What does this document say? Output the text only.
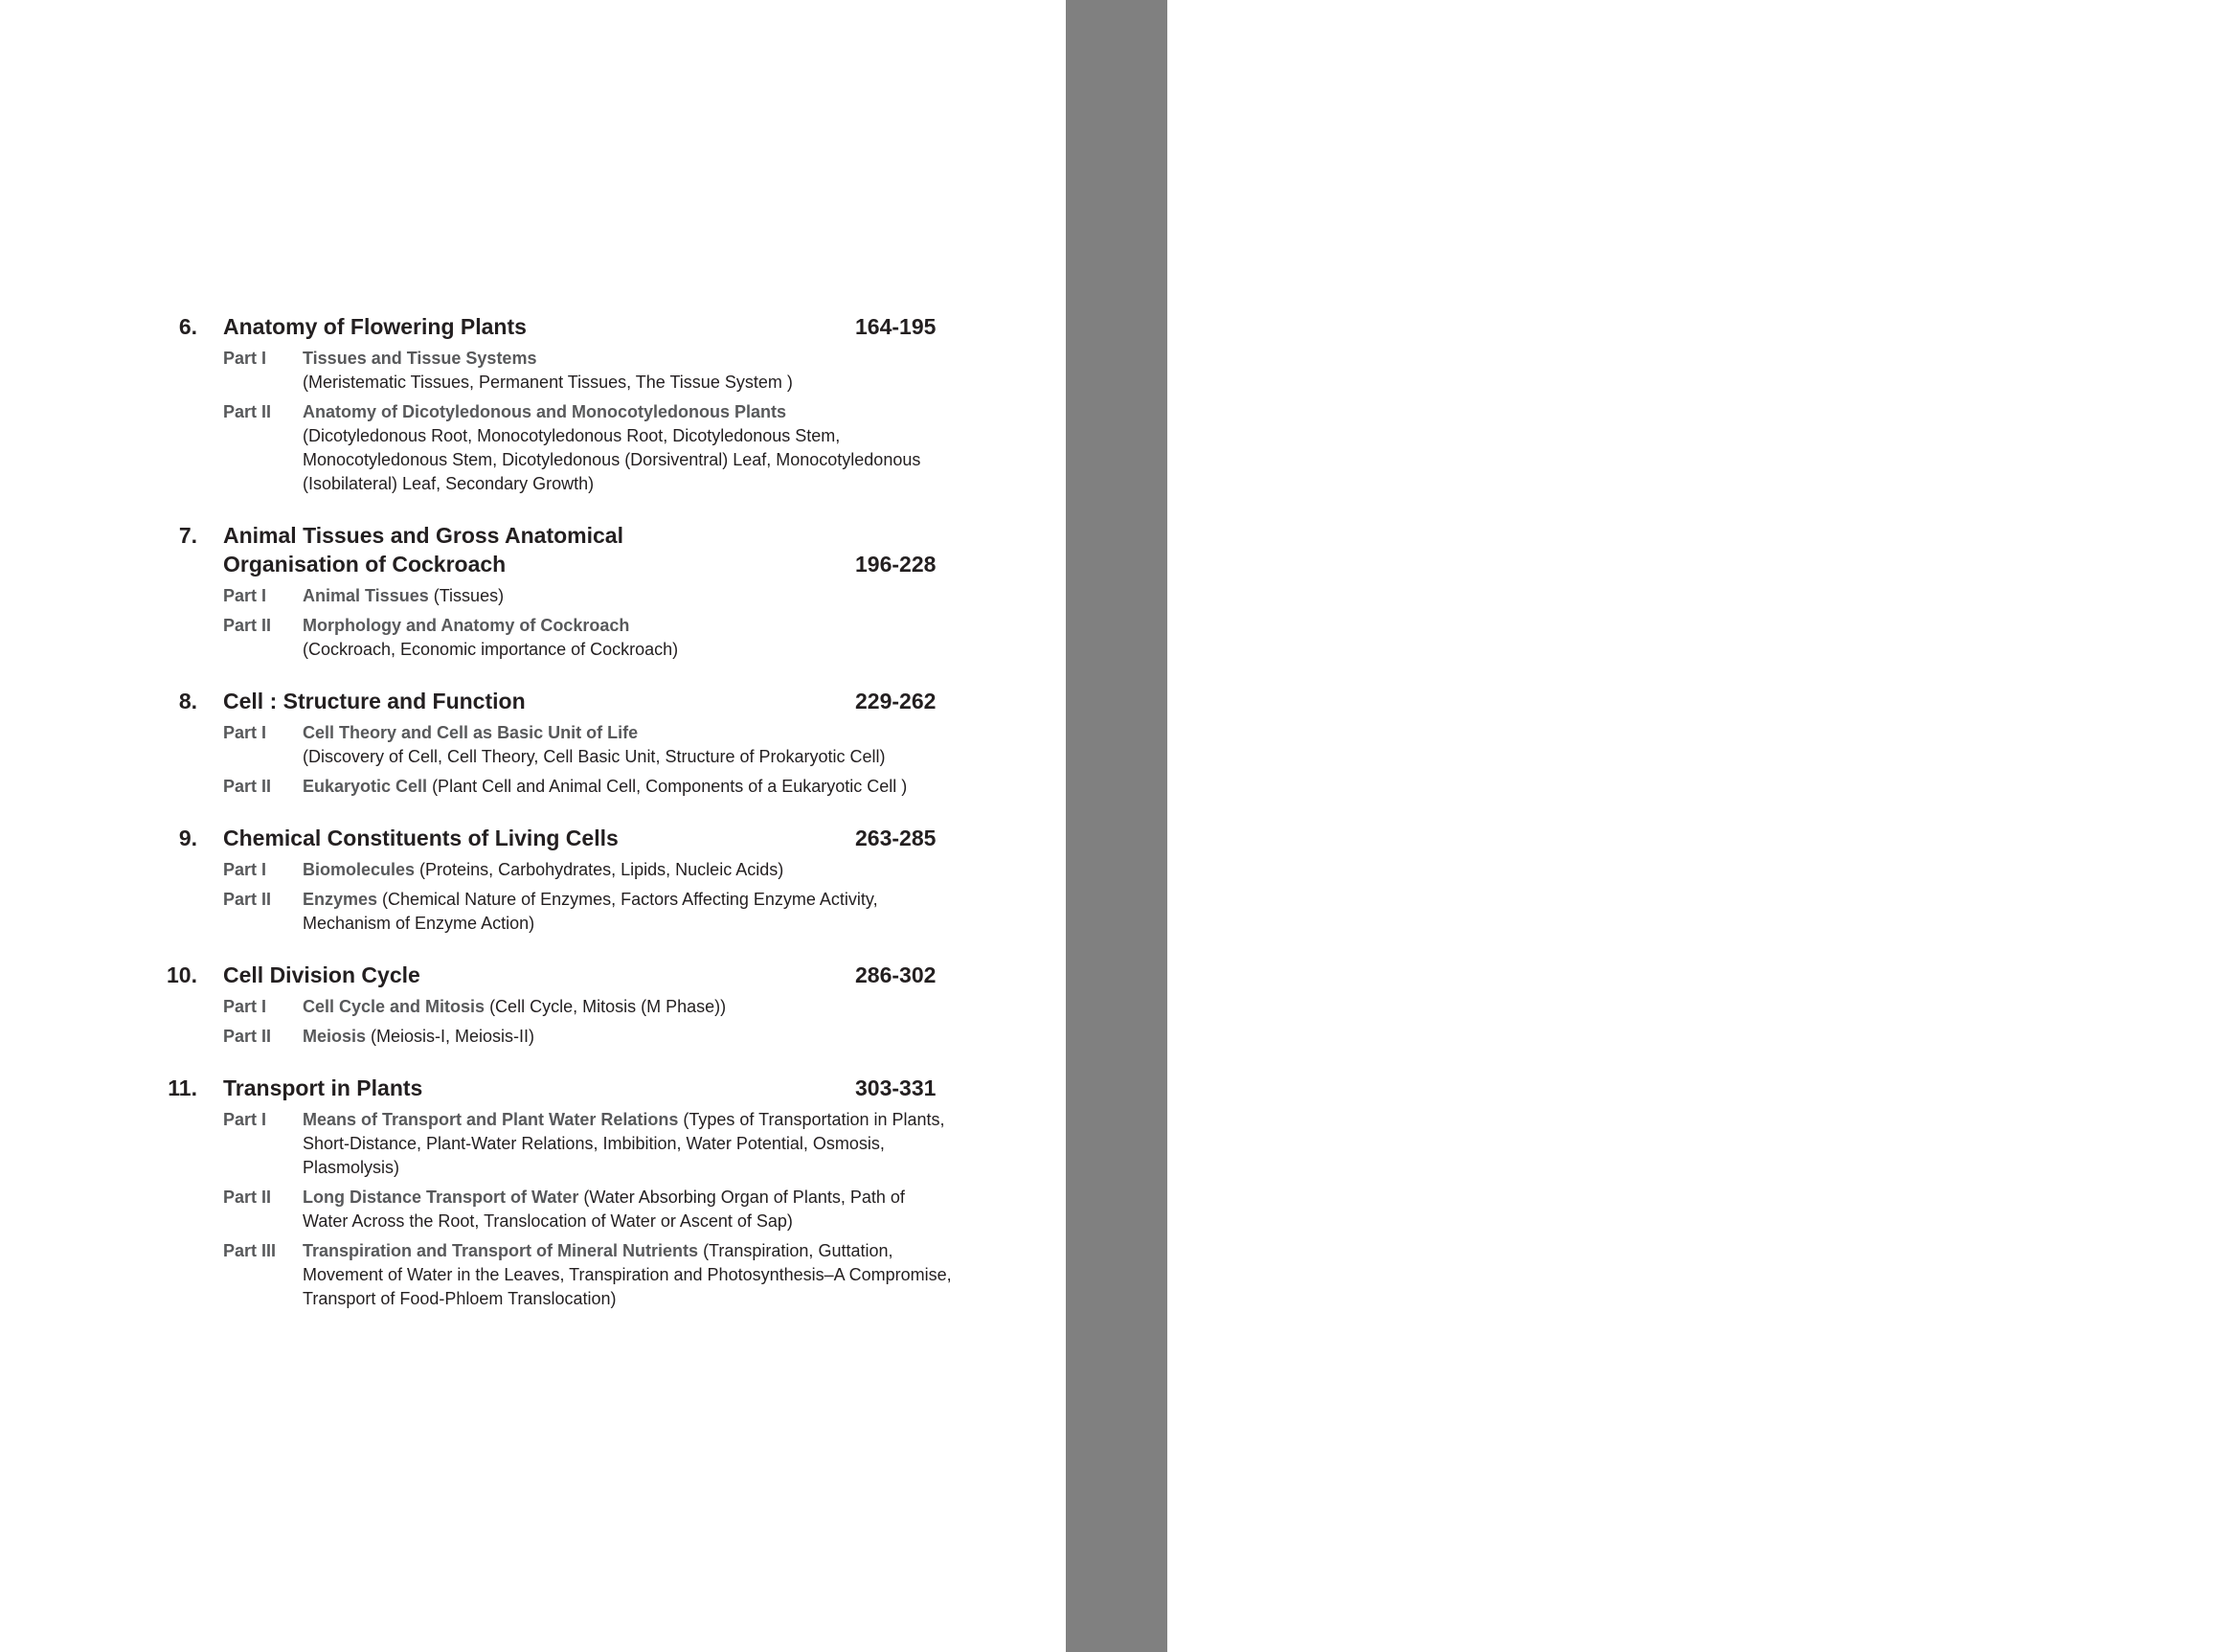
book NAVIGATION details
6. Anatomy of Flowering Plants	164-195
Part I Tissues and Tissue Systems
(Meristematic Tissues, Permanent Tissues, The Tissue System )
Part II Anatomy of Dicotyledonous and Monocotyledonous Plants
(Dicotyledonous Root, Monocotyledonous Root, Dicotyledonous Stem, Monocotyledonous Stem, Dicotyledonous (Dorsiventral) Leaf, Monocotyledonous (Isobilateral) Leaf, Secondary Growth)
7. Animal Tissues and Gross Anatomical Organisation of Cockroach	196-228
Part I Animal Tissues (Tissues)
Part II Morphology and Anatomy of Cockroach
(Cockroach, Economic importance of Cockroach)
8. Cell : Structure and Function	229-262
Part I Cell Theory and Cell as Basic Unit of Life
(Discovery of Cell, Cell Theory, Cell Basic Unit, Structure of Prokaryotic Cell)
Part II Eukaryotic Cell (Plant Cell and Animal Cell, Components of a Eukaryotic Cell )
9. Chemical Constituents of Living Cells	263-285
Part I Biomolecules (Proteins, Carbohydrates, Lipids, Nucleic Acids)
Part II Enzymes (Chemical Nature of Enzymes, Factors Affecting Enzyme Activity, Mechanism of Enzyme Action)
10. Cell Division Cycle	286-302
Part I Cell Cycle and Mitosis (Cell Cycle, Mitosis (M Phase))
Part II Meiosis (Meiosis-I, Meiosis-II)
11. Transport in Plants	303-331
Part I Means of Transport and Plant Water Relations (Types of Transportation in Plants, Short-Distance, Plant-Water Relations, Imbibition, Water Potential, Osmosis, Plasmolysis)
Part II Long Distance Transport of Water (Water Absorbing Organ of Plants, Path of Water Across the Root, Translocation of Water or Ascent of Sap)
Part III Transpiration and Transport of Mineral Nutrients (Transpiration, Guttation, Movement of Water in the Leaves, Transpiration and Photosynthesis–A Compromise, Transport of Food-Phloem Translocation)
